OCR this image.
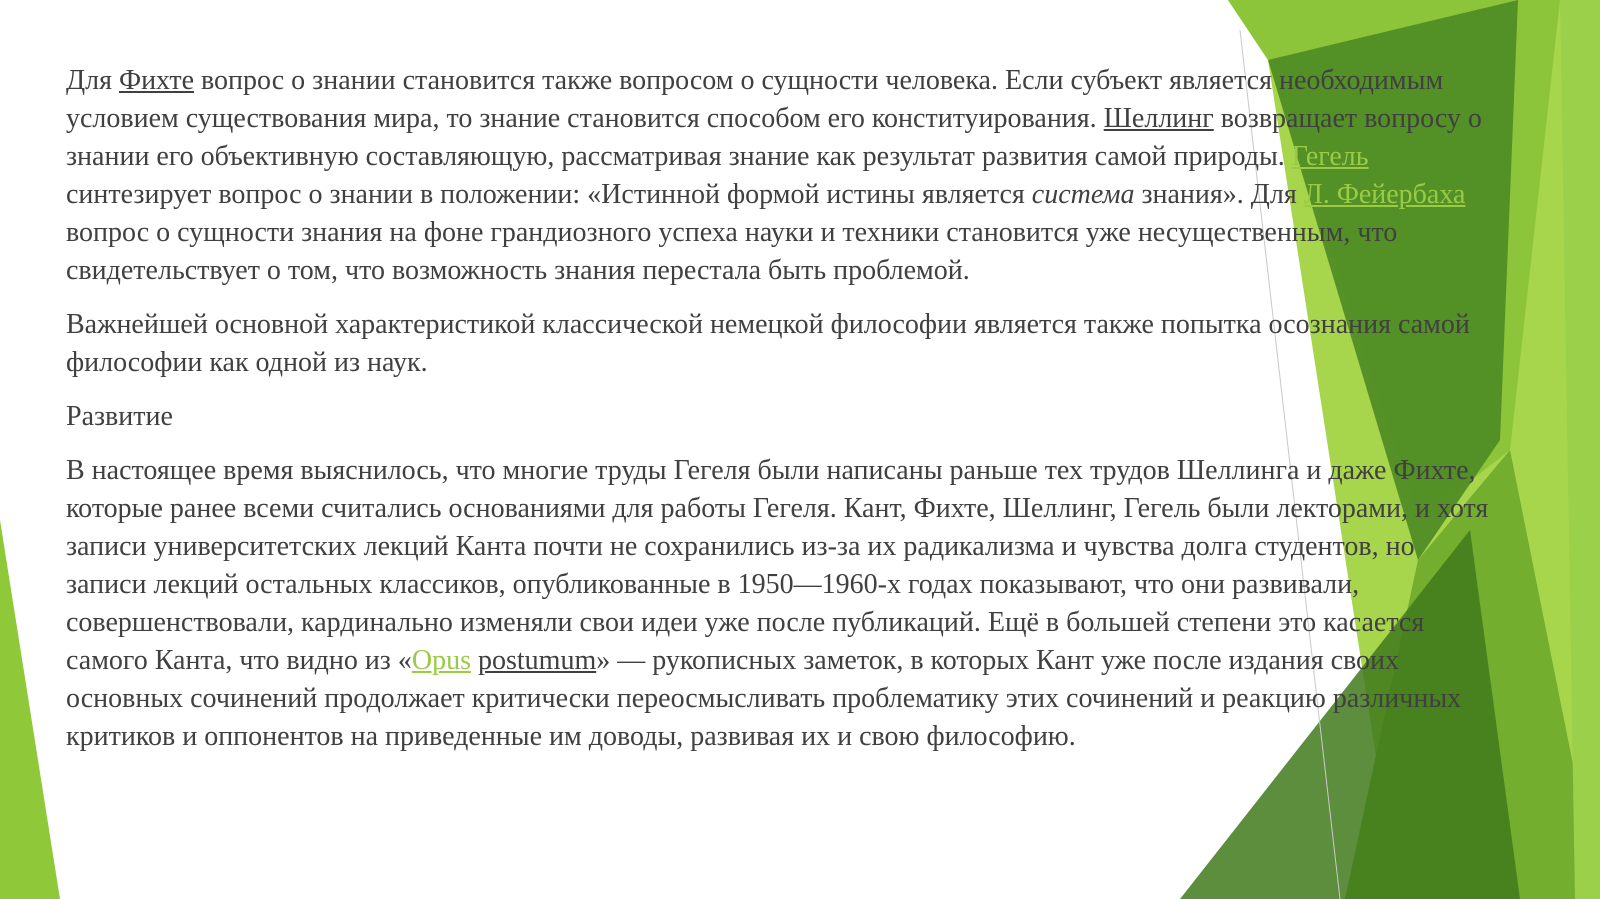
Для Фихте вопрос о знании становится также вопросом о сущности человека. Если субъект является необходимым условием существования мира, то знание становится способом его конституирования. Шеллинг возвращает вопросу о знании его объективную составляющую, рассматривая знание как результат развития самой природы. Гегель синтезирует вопрос о знании в положении: «Истинной формой истины является система знания». Для Л. Фейербаха вопрос о сущности знания на фоне грандиозного успеха науки и техники становится уже несущественным, что свидетельствует о том, что возможность знания перестала быть проблемой.

Важнейшей основной характеристикой классической немецкой философии является также попытка осознания самой философии как одной из наук.

Развитие

В настоящее время выяснилось, что многие труды Гегеля были написаны раньше тех трудов Шеллинга и даже Фихте, которые ранее всеми считались основаниями для работы Гегеля. Кант, Фихте, Шеллинг, Гегель были лекторами, и хотя записи университетских лекций Канта почти не сохранились из-за их радикализма и чувства долга студентов, но записи лекций остальных классиков, опубликованные в 1950—1960-х годах показывают, что они развивали, совершенствовали, кардинально изменяли свои идеи уже после публикаций. Ещё в большей степени это касается самого Канта, что видно из «Opus postumum» — рукописных заметок, в которых Кант уже после издания своих основных сочинений продолжает критически переосмысливать проблематику этих сочинений и реакцию различных критиков и оппонентов на приведенные им доводы, развивая их и свою философию.
